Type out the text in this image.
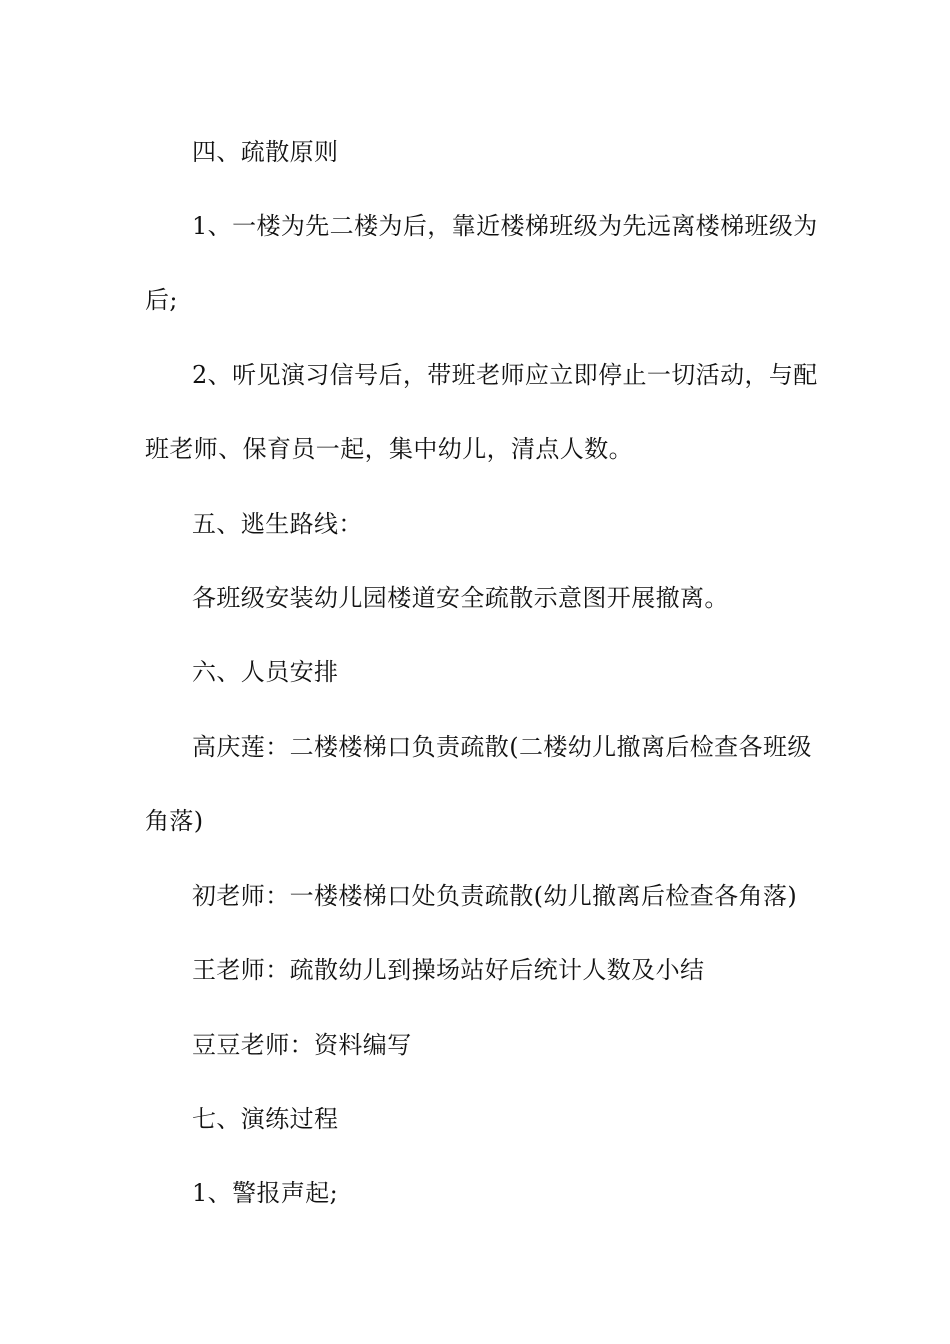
四、疏散原则
1、一楼为先二楼为后，靠近楼梯班级为先远离楼梯班级为
后;
2、听见演习信号后，带班老师应立即停止一切活动，与配
班老师、保育员一起，集中幼儿，清点人数。
五、逃生路线：
各班级安装幼儿园楼道安全疏散示意图开展撤离。
六、人员安排
高庆莲：二楼楼梯口负责疏散(二楼幼儿撤离后检查各班级
角落)
初老师：一楼楼梯口处负责疏散(幼儿撤离后检查各角落)
王老师：疏散幼儿到操场站好后统计人数及小结
豆豆老师：资料编写
七、演练过程
1、警报声起;
